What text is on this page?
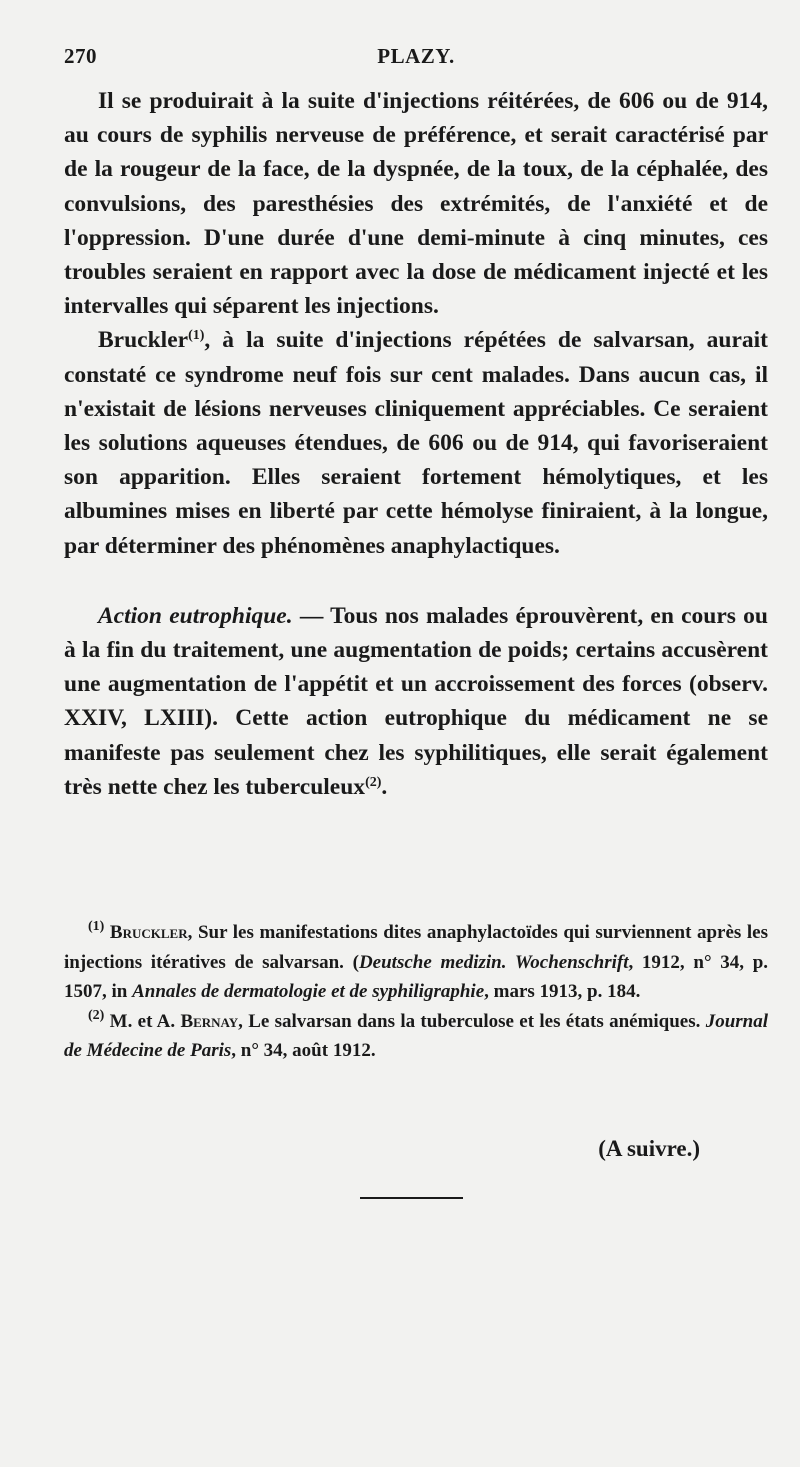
270	PLAZY.

Il se produirait à la suite d'injections réitérées, de 606 ou de 914, au cours de syphilis nerveuse de préférence, et serait caractérisé par de la rougeur de la face, de la dyspnée, de la toux, de la céphalée, des convulsions, des paresthésies des extrémités, de l'anxiété et de l'oppression. D'une durée d'une demi-minute à cinq minutes, ces troubles seraient en rapport avec la dose de médicament injecté et les intervalles qui séparent les injections.

Bruckler$^{(1)}$, à la suite d'injections répétées de salvarsan, aurait constaté ce syndrome neuf fois sur cent malades. Dans aucun cas, il n'existait de lésions nerveuses cliniquement appréciables. Ce seraient les solutions aqueuses étendues, de 606 ou de 914, qui favoriseraient son apparition. Elles seraient fortement hémolytiques, et les albumines mises en liberté par cette hémolyse finiraient, à la longue, par déterminer des phénomènes anaphylactiques.

Action eutrophique. — Tous nos malades éprouvèrent, en cours ou à la fin du traitement, une augmentation de poids; certains accusèrent une augmentation de l'appétit et un accroissement des forces (observ. XXIV, LXIII). Cette action eutrophique du médicament ne se manifeste pas seulement chez les syphilitiques, elle serait également très nette chez les tuberculeux$^{(2)}$.

$^{(1)}$ Bruckler, Sur les manifestations dites anaphylactoïdes qui surviennent après les injections itératives de salvarsan. (Deutsche medizin. Wochenschrift, 1912, n° 34, p. 1507, in Annales de dermatologie et de syphiligraphie, mars 1913, p. 184.

$^{(2)}$ M. et A. Bernay, Le salvarsan dans la tuberculose et les états anémiques. Journal de Médecine de Paris, n° 34, août 1912.

(A suivre.)
